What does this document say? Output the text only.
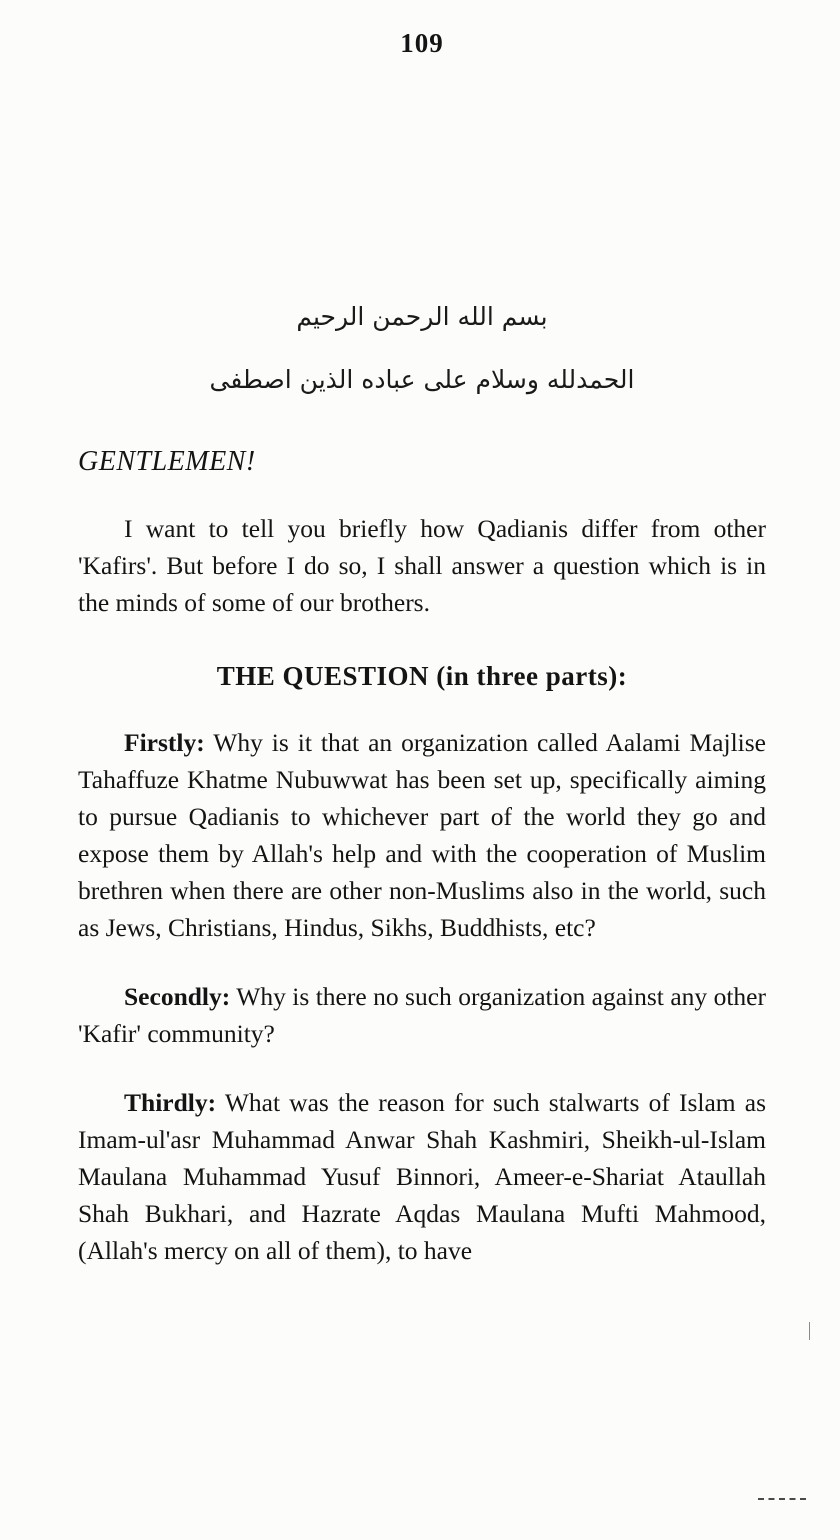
109
بسم الله الرحمن الرحيم
الحمدلله وسلام على عباده الذين اصطفى
GENTLEMEN!

I want to tell you briefly how Qadianis differ from other 'Kafirs'. But before I do so, I shall answer a question which is in the minds of some of our brothers.

THE QUESTION (in three parts):

Firstly: Why is it that an organization called Aalami Majlise Tahaffuze Khatme Nubuwwat has been set up, specifically aiming to pursue Qadianis to whichever part of the world they go and expose them by Allah's help and with the cooperation of Muslim brethren when there are other non-Muslims also in the world, such as Jews, Christians, Hindus, Sikhs, Buddhists, etc?

Secondly: Why is there no such organization against any other 'Kafir' community?

Thirdly: What was the reason for such stalwarts of Islam as Imam-ul'asr Muhammad Anwar Shah Kashmiri, Sheikh-ul-Islam Maulana Muhammad Yusuf Binnori, Ameer-e-Shariat Ataullah Shah Bukhari, and Hazrate Aqdas Maulana Mufti Mahmood, (Allah's mercy on all of them), to have
